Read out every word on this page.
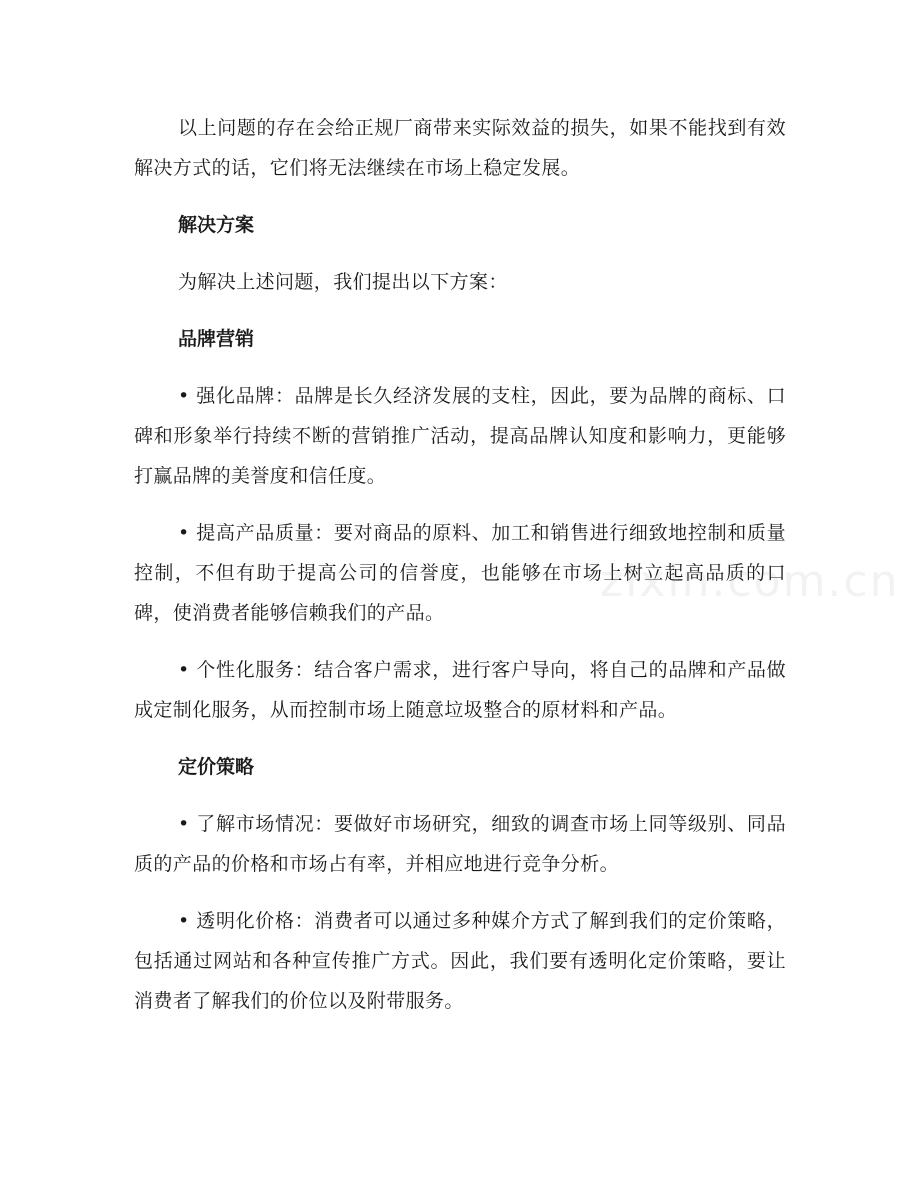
以上问题的存在会给正规厂商带来实际效益的损失，如果不能找到有效解决方式的话，它们将无法继续在市场上稳定发展。

解决方案

为解决上述问题，我们提出以下方案：

品牌营销

• 强化品牌：品牌是长久经济发展的支柱，因此，要为品牌的商标、口碑和形象举行持续不断的营销推广活动，提高品牌认知度和影响力，更能够打赢品牌的美誉度和信任度。

• 提高产品质量：要对商品的原料、加工和销售进行细致地控制和质量控制，不但有助于提高公司的信誉度，也能够在市场上树立起高品质的口碑，使消费者能够信赖我们的产品。

• 个性化服务：结合客户需求，进行客户导向，将自己的品牌和产品做成定制化服务，从而控制市场上随意垃圾整合的原材料和产品。

定价策略

• 了解市场情况：要做好市场研究，细致的调查市场上同等级别、同品质的产品的价格和市场占有率，并相应地进行竞争分析。

• 透明化价格：消费者可以通过多种媒介方式了解到我们的定价策略，包括通过网站和各种宣传推广方式。因此，我们要有透明化定价策略，要让消费者了解我们的价位以及附带服务。

zixin.com.cn
